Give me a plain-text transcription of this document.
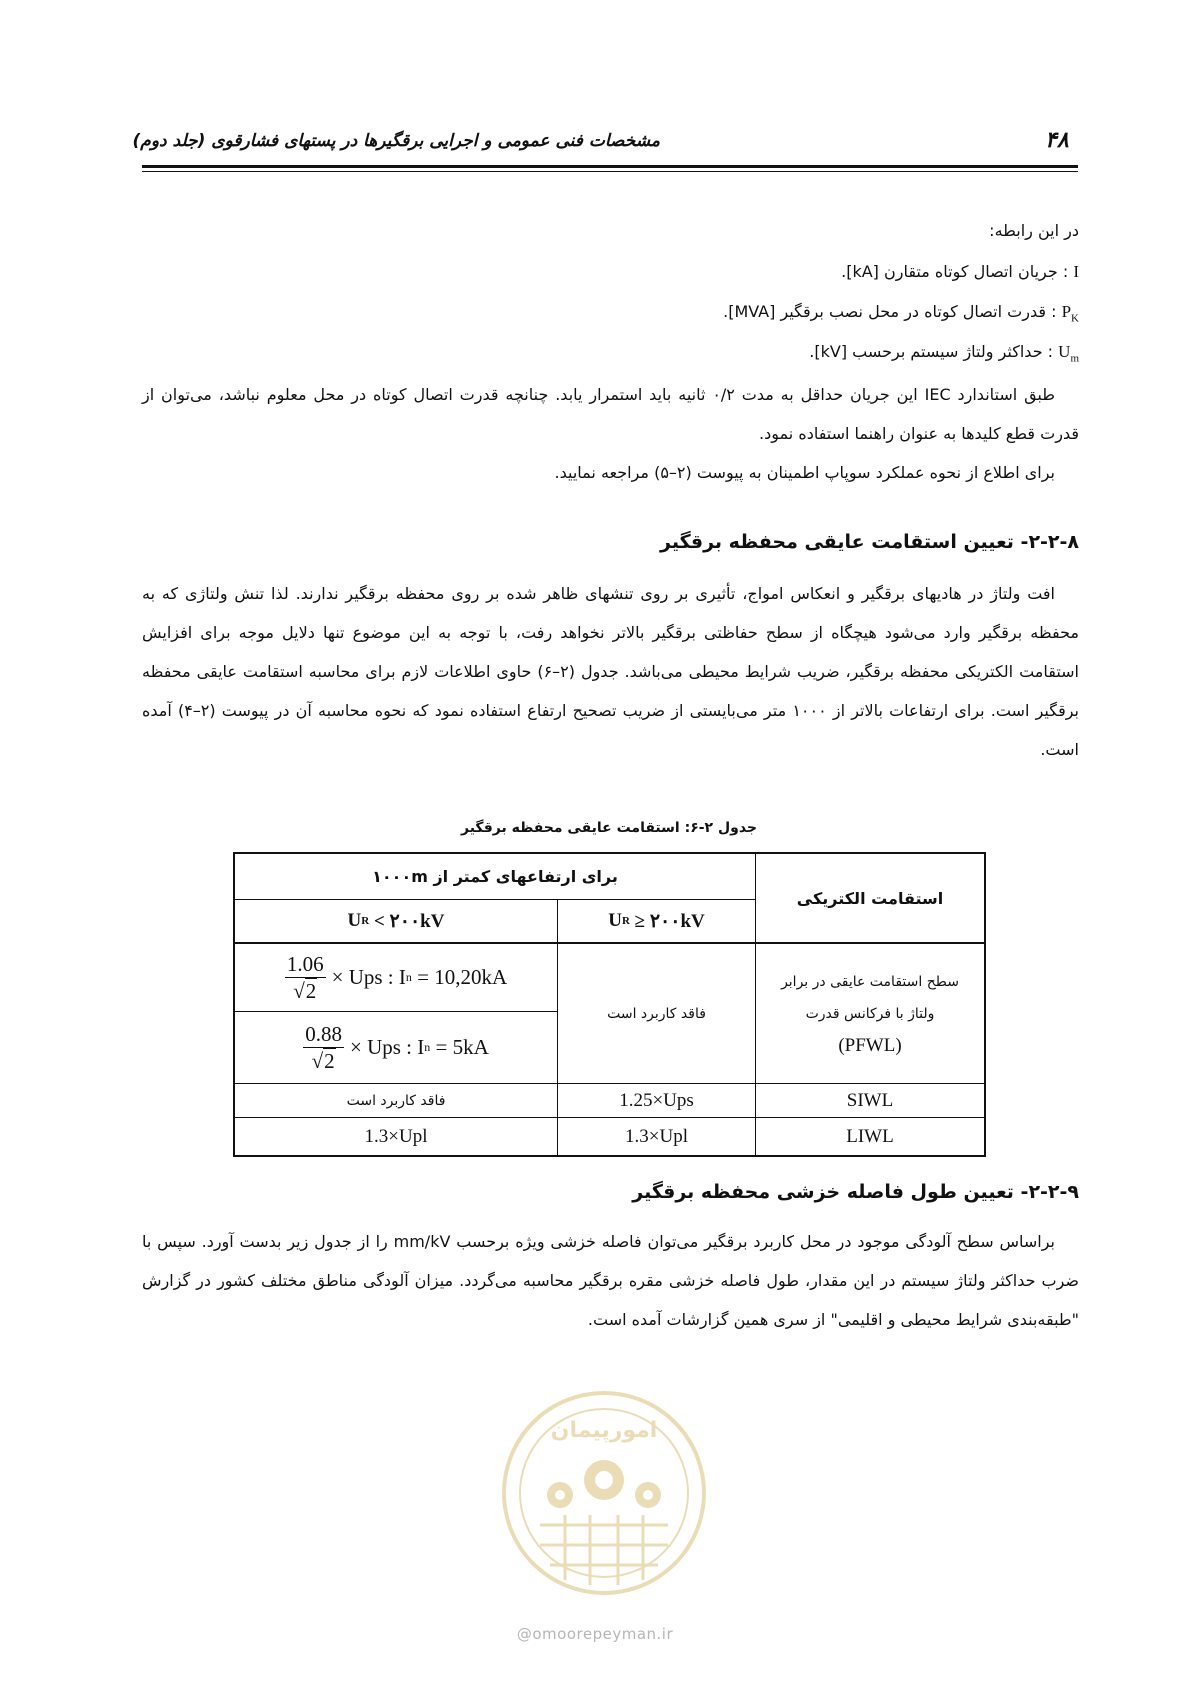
۴۸
مشخصات فنی عمومی و اجرایی برقگیرها در پستهای فشارقوی (جلد دوم)
در این رابطه:
I : جریان اتصال کوتاه متقارن [kA].
$P_K$ : قدرت اتصال کوتاه در محل نصب برقگیر [MVA].
$U_m$ : حداکثر ولتاژ سیستم برحسب [kV].
طبق استاندارد IEC این جریان حداقل به مدت ۰/۲ ثانیه باید استمرار یابد. چنانچه قدرت اتصال کوتاه در محل معلوم نباشد، می‌توان از قدرت قطع کلیدها به عنوان راهنما استفاده نمود.
برای اطلاع از نحوه عملکرد سوپاپ اطمینان به پیوست (۲–۵) مراجعه نمایید.
۲-۲-۸- تعیین استقامت عایقی محفظه برقگیر
افت ولتاژ در هادیهای برقگیر و انعکاس امواج، تأثیری بر روی تنشهای ظاهر شده بر روی محفظه برقگیر ندارند. لذا تنش ولتاژی که به محفظه برقگیر وارد می‌شود هیچگاه از سطح حفاظتی برقگیر بالاتر نخواهد رفت، با توجه به این موضوع تنها دلایل موجه برای افزایش استقامت الکتریکی محفظه برقگیر، ضریب شرایط محیطی می‌باشد. جدول (۲–۶) حاوی اطلاعات لازم برای محاسبه استقامت عایقی محفظه برقگیر است. برای ارتفاعات بالاتر از ۱۰۰۰ متر می‌بایستی از ضریب تصحیح ارتفاع استفاده نمود که نحوه محاسبه آن در پیوست (۲–۴) آمده است.
جدول ۲-۶: استقامت عایقی محفظه برقگیر
استقامت الکتریکی
برای ارتفاعهای کمتر از ۱۰۰۰m
U R
≥ ۲۰۰kV
U R
< ۲۰۰kV
سطح استقامت عایقی در برابر
ولتاژ با فرکانس قدرت
(PFWL)
فاقد کاربرد است
$\frac{1.06}{√2}$ × Ups : I n
= 10,20kA
$\frac{0.88}{√2}$ × Ups : I n
= 5kA
SIWL
1.25×Ups
فاقد کاربرد است
LIWL
1.3×Upl
1.3×Upl
۲-۲-۹- تعیین طول فاصله خزشی محفظه برقگیر
براساس سطح آلودگی موجود در محل کاربرد برقگیر می‌توان فاصله خزشی ویژه برحسب mm/kV را از جدول زیر بدست آورد. سپس با ضرب حداکثر ولتاژ سیستم در این مقدار، طول فاصله خزشی مقره برقگیر محاسبه می‌گردد. میزان آلودگی مناطق مختلف کشور در گزارش "طبقه‌بندی شرایط محیطی و اقلیمی" از سری همین گزارشات آمده است.
امورپیمان
@omoorepeyman.ir
